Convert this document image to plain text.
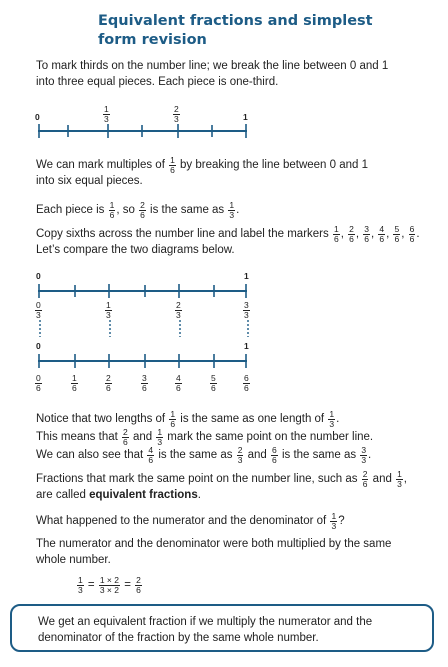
Equivalent fractions and simplest form revision
To mark thirds on the number line; we break the line between 0 and 1 into three equal pieces. Each piece is one-third.
0	$\frac{1}{3}$	$\frac{2}{3}$	1
We can mark multiples of $\frac{1}{6}$ by breaking the line between 0 and 1
into six equal pieces.
Each piece is $\frac{1}{6}$ , so $\frac{2}{6}$ is the same as $\frac{1}{3}$ .
Copy sixths across the number line and label the markers $\frac{1}{6}$ , $\frac{2}{6}$ , $\frac{3}{6}$ , $\frac{4}{6}$ , $\frac{5}{6}$ , $\frac{6}{6}$ .
Let’s compare the two diagrams below.
0	1
$\frac{0}{3}$	$\frac{1}{3}$	$\frac{2}{3}$	$\frac{3}{3}$
0	1
$\frac{0}{6}$	$\frac{1}{6}$	$\frac{2}{6}$	$\frac{3}{6}$	$\frac{4}{6}$	$\frac{5}{6}$	$\frac{6}{6}$
Notice that two lengths of $\frac{1}{6}$ is the same as one length of $\frac{1}{3}$ .
This means that $\frac{2}{6}$ and $\frac{1}{3}$ mark the same point on the number line.
We can also see that $\frac{4}{6}$ is the same as $\frac{2}{3}$ and $\frac{6}{6}$ is the same as $\frac{3}{3}$ .
Fractions that mark the same point on the number line, such as $\frac{2}{6}$ and $\frac{1}{3}$ ,
are called equivalent fractions.
What happened to the numerator and the denominator of $\frac{1}{3}$ ?
The numerator and the denominator were both multiplied by the same whole number.
$\frac{1}{3} = \frac{1 \times 2}{3 \times 2} = \frac{2}{6}$
We get an equivalent fraction if we multiply the numerator and the denominator of the fraction by the same whole number.
